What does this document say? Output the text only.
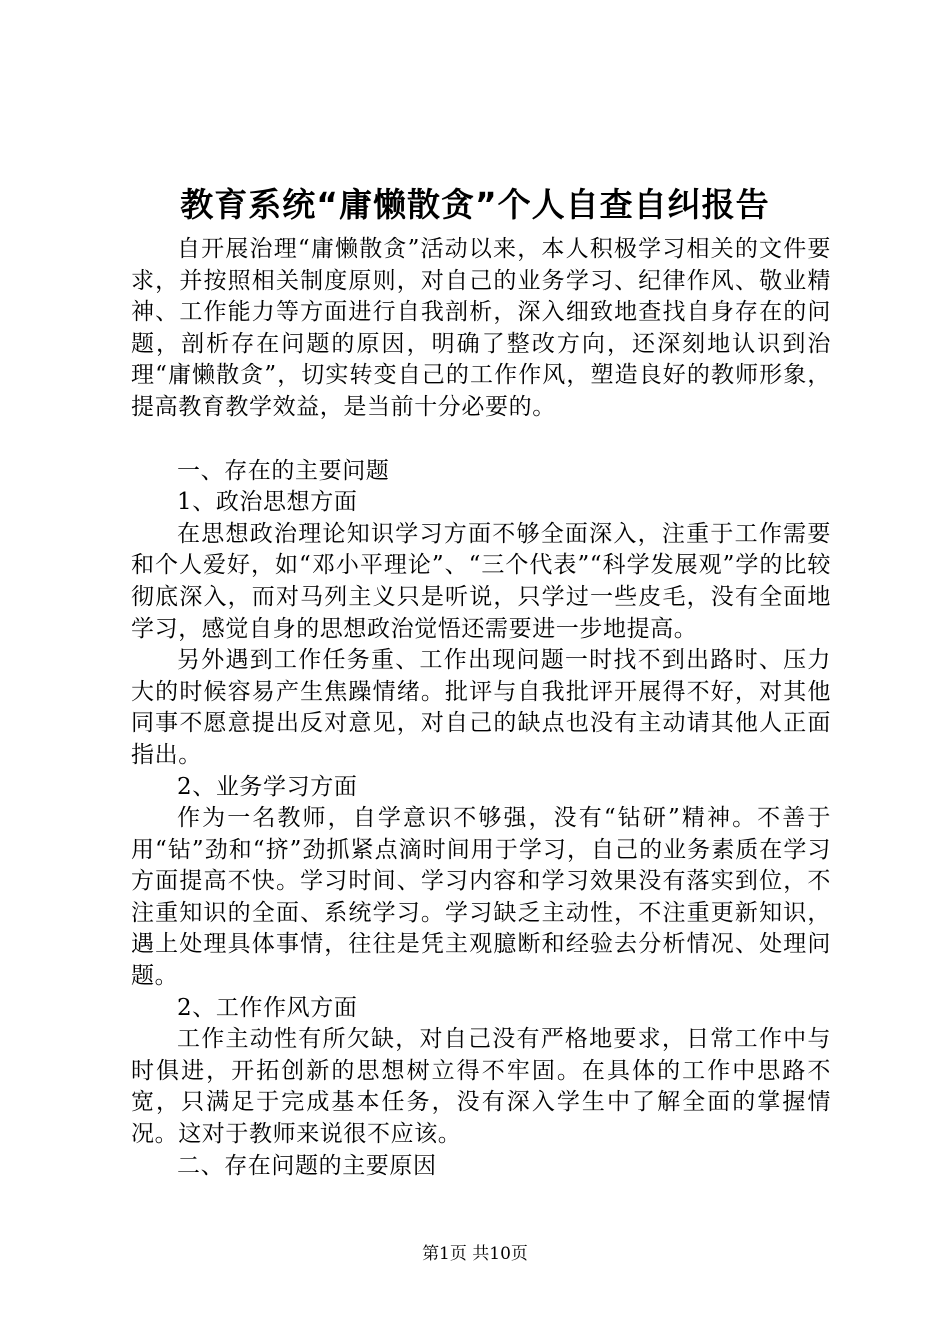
教育系统“庸懒散贪”个人自查自纠报告

自开展治理“庸懒散贪”活动以来，本人积极学习相关的文件要求，并按照相关制度原则，对自己的业务学习、纪律作风、敬业精神、工作能力等方面进行自我剖析，深入细致地查找自身存在的问题，剖析存在问题的原因，明确了整改方向，还深刻地认识到治理“庸懒散贪”，切实转变自己的工作作风，塑造良好的教师形象，提高教育教学效益，是当前十分必要的。

一、存在的主要问题

1、政治思想方面

在思想政治理论知识学习方面不够全面深入，注重于工作需要和个人爱好，如“邓小平理论”、“三个代表”“科学发展观”学的比较彻底深入，而对马列主义只是听说，只学过一些皮毛，没有全面地学习，感觉自身的思想政治觉悟还需要进一步地提高。

另外遇到工作任务重、工作出现问题一时找不到出路时、压力大的时候容易产生焦躁情绪。批评与自我批评开展得不好，对其他同事不愿意提出反对意见，对自己的缺点也没有主动请其他人正面指出。

2、业务学习方面

作为一名教师，自学意识不够强，没有“钻研”精神。不善于用“钻”劲和“挤”劲抓紧点滴时间用于学习，自己的业务素质在学习方面提高不快。学习时间、学习内容和学习效果没有落实到位，不注重知识的全面、系统学习。学习缺乏主动性，不注重更新知识，遇上处理具体事情，往往是凭主观臆断和经验去分析情况、处理问题。

2、工作作风方面

工作主动性有所欠缺，对自己没有严格地要求，日常工作中与时俱进，开拓创新的思想树立得不牢固。在具体的工作中思路不宽，只满足于完成基本任务，没有深入学生中了解全面的掌握情况。这对于教师来说很不应该。

二、存在问题的主要原因

第1页 共10页
